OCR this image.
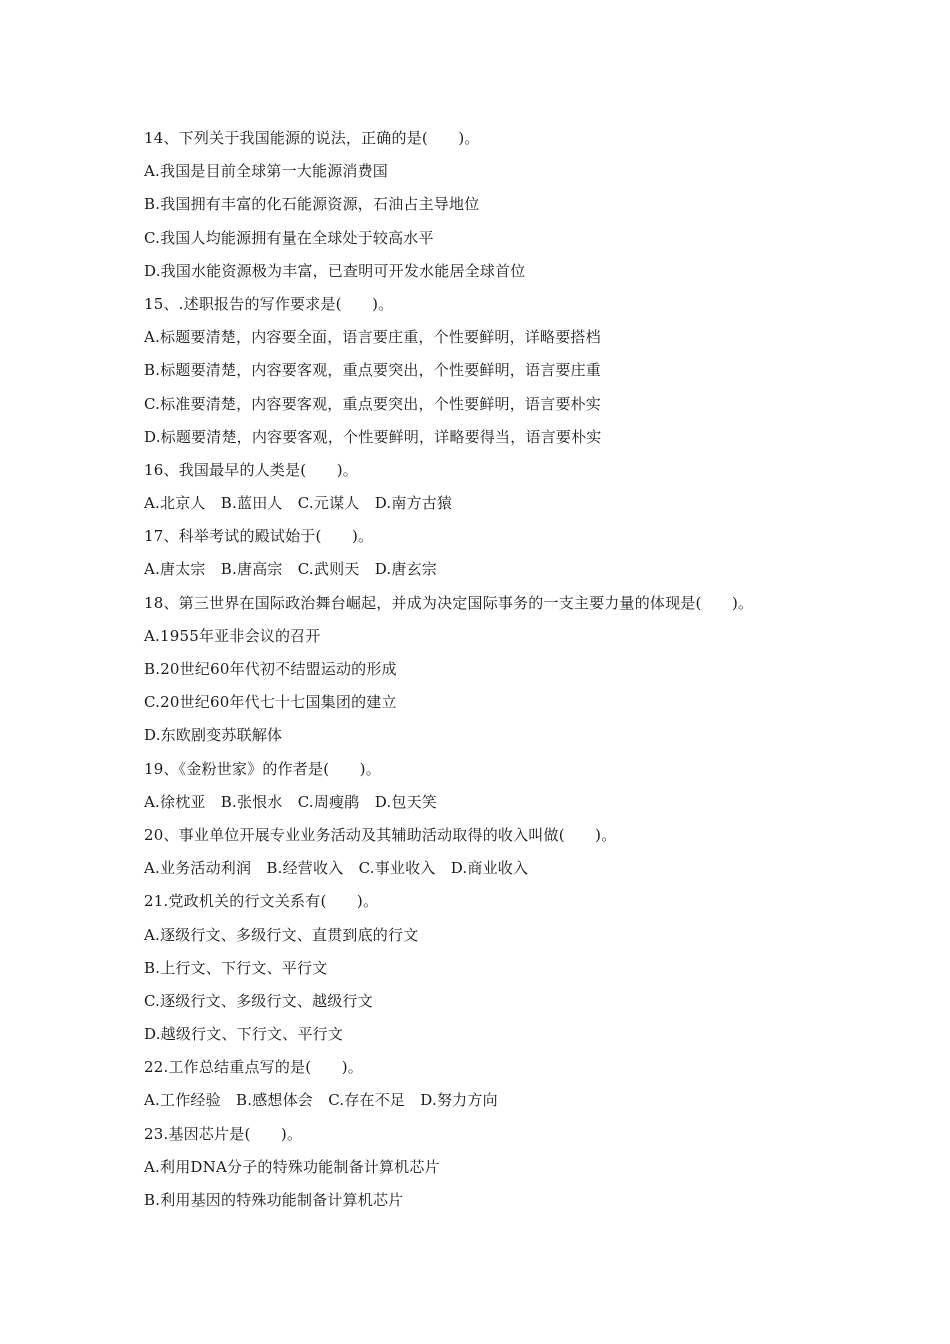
14、下列关于我国能源的说法，正确的是(　　)。
A.我国是目前全球第一大能源消费国
B.我国拥有丰富的化石能源资源，石油占主导地位
C.我国人均能源拥有量在全球处于较高水平
D.我国水能资源极为丰富，已查明可开发水能居全球首位
15、.述职报告的写作要求是(　　)。
A.标题要清楚，内容要全面，语言要庄重，个性要鲜明，详略要搭档
B.标题要清楚，内容要客观，重点要突出，个性要鲜明，语言要庄重
C.标准要清楚，内容要客观，重点要突出，个性要鲜明，语言要朴实
D.标题要清楚，内容要客观，个性要鲜明，详略要得当，语言要朴实
16、我国最早的人类是(　　)。
A.北京人　B.蓝田人　C.元谋人　D.南方古猿
17、科举考试的殿试始于(　　)。
A.唐太宗　B.唐高宗　C.武则天　D.唐玄宗
18、第三世界在国际政治舞台崛起，并成为决定国际事务的一支主要力量的体现是(　　)。
A.1955年亚非会议的召开
B.20世纪60年代初不结盟运动的形成
C.20世纪60年代七十七国集团的建立
D.东欧剧变苏联解体
19、《金粉世家》的作者是(　　)。
A.徐枕亚　B.张恨水　C.周瘦鹃　D.包天笑
20、事业单位开展专业业务活动及其辅助活动取得的收入叫做(　　)。
A.业务活动利润　B.经营收入　C.事业收入　D.商业收入
21.党政机关的行文关系有(　　)。
A.逐级行文、多级行文、直贯到底的行文
B.上行文、下行文、平行文
C.逐级行文、多级行文、越级行文
D.越级行文、下行文、平行文
22.工作总结重点写的是(　　)。
A.工作经验　B.感想体会　C.存在不足　D.努力方向
23.基因芯片是(　　)。
A.利用DNA分子的特殊功能制备计算机芯片
B.利用基因的特殊功能制备计算机芯片
